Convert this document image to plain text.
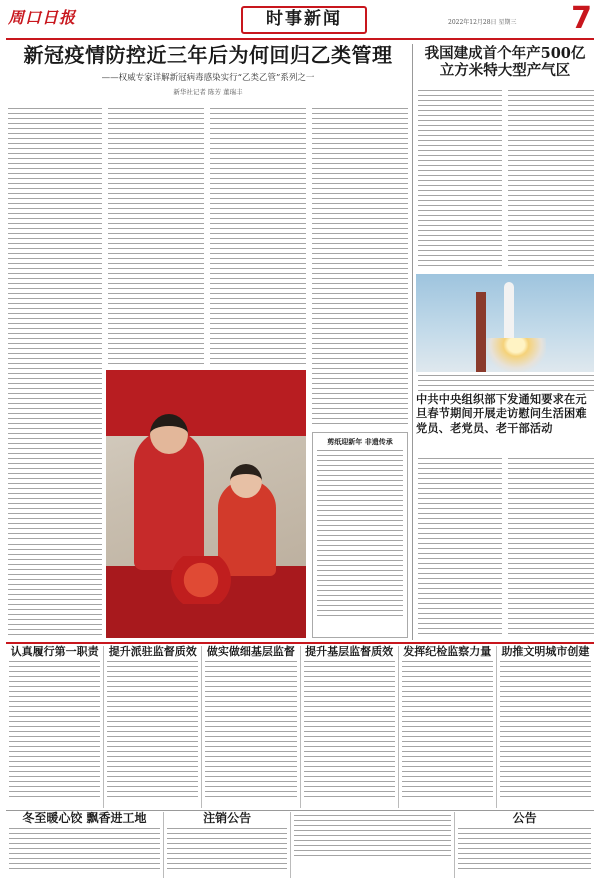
周口日报	时事新闻	2022年12月28日 星期三 7
新冠疫情防控近三年后为何回归乙类管理
——权威专家详解新冠病毒感染实行“乙类乙管”系列之一
新华社记者 陈芳 董瑞丰
剪纸迎新年 非遗传承
我国建成首个年产500亿
立方米特大型产气区
中共中央组织部下发通知要求在元旦春节期间开展走访慰问生活困难党员、老党员、老干部活动
认真履行第一职责 提升派驻监督质效 做实做细基层监督 提升基层监督质效 发挥纪检监察力量 助推文明城市创建
冬至暖心饺 飘香进工地	注销公告	公告
